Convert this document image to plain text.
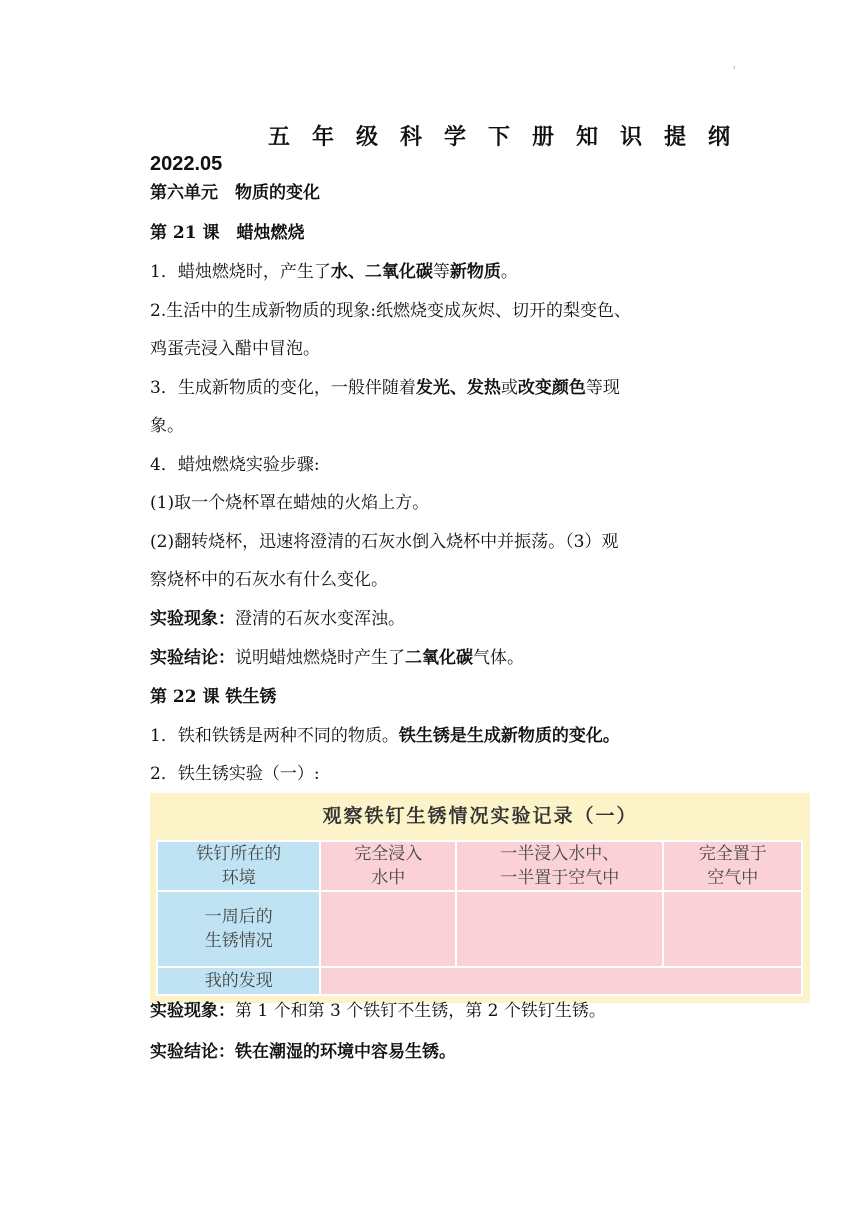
'
五年级科学下册知识提纲
2022.05
第六单元　物质的变化
第 21 课　蜡烛燃烧
1．蜡烛燃烧时，产生了水、二氧化碳等新物质。
2.生活中的生成新物质的现象:纸燃烧变成灰烬、切开的梨变色、
鸡蛋壳浸入醋中冒泡。
3．生成新物质的变化，一般伴随着发光、发热或改变颜色等现
象。
4．蜡烛燃烧实验步骤:
(1)取一个烧杯罩在蜡烛的火焰上方。
(2)翻转烧杯，迅速将澄清的石灰水倒入烧杯中并振荡。（3）观
察烧杯中的石灰水有什么变化。
实验现象：澄清的石灰水变浑浊。
实验结论：说明蜡烛燃烧时产生了二氧化碳气体。
第 22 课 铁生锈
1．铁和铁锈是两种不同的物质。铁生锈是生成新物质的变化。
2．铁生锈实验（一）:
观察铁钉生锈情况实验记录（一）
铁钉所在的
环境	完全浸入
水中	一半浸入水中、
一半置于空气中	完全置于
空气中
一周后的
生锈情况			
我的发现			
实验现象：第 1 个和第 3 个铁钉不生锈，第 2 个铁钉生锈。
实验结论：铁在潮湿的环境中容易生锈。
